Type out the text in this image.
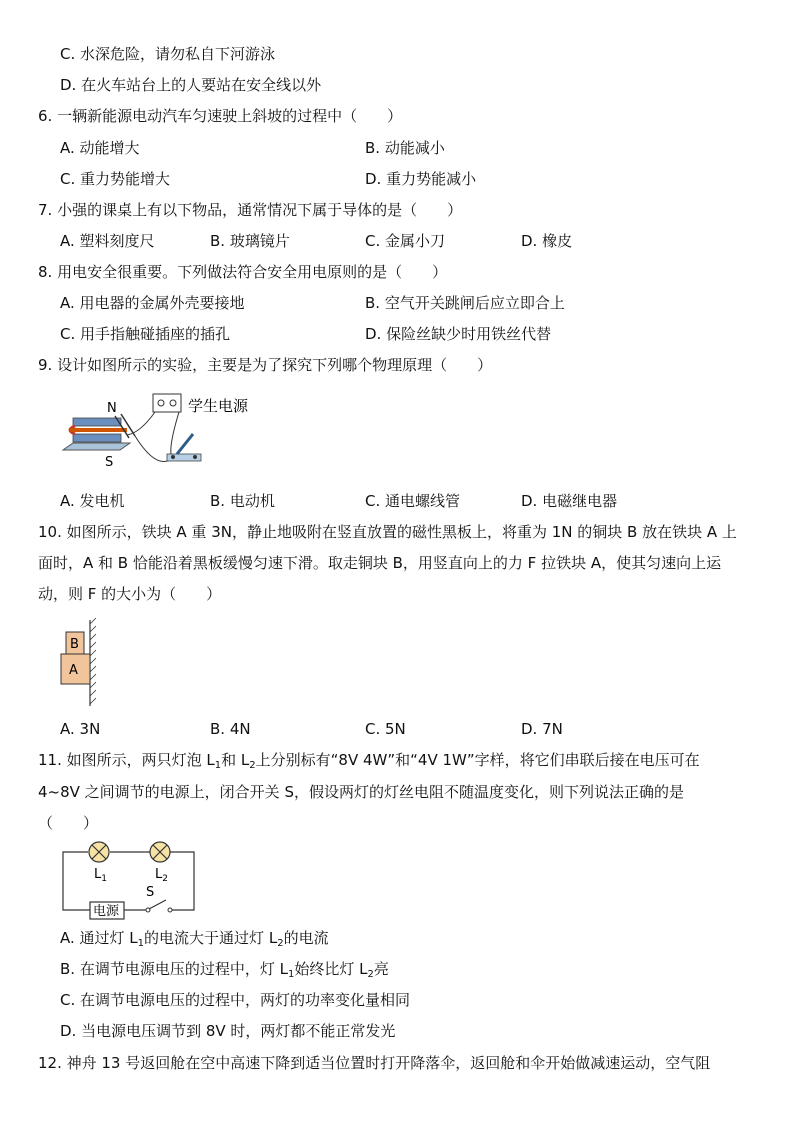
C. 水深危险，请勿私自下河游泳
D. 在火车站台上的人要站在安全线以外
6. 一辆新能源电动汽车匀速驶上斜坡的过程中（　　）
A. 动能增大	B. 动能减小
C. 重力势能增大	D. 重力势能减小
7. 小强的课桌上有以下物品，通常情况下属于导体的是（　　）
A. 塑料刻度尺	B. 玻璃镜片	C. 金属小刀	D. 橡皮
8. 用电安全很重要。下列做法符合安全用电原则的是（　　）
A. 用电器的金属外壳要接地	B. 空气开关跳闸后应立即合上
C. 用手指触碰插座的插孔	D. 保险丝缺少时用铁丝代替
9. 设计如图所示的实验，主要是为了探究下列哪个物理原理（　　）
N
S
学生电源
A. 发电机	B. 电动机	C. 通电螺线管	D. 电磁继电器
10. 如图所示，铁块 A 重 3N，静止地吸附在竖直放置的磁性黑板上，将重为 1N 的铜块 B 放在铁块 A 上
面时，A 和 B 恰能沿着黑板缓慢匀速下滑。取走铜块 B，用竖直向上的力 F 拉铁块 A，使其匀速向上运
动，则 F 的大小为（　　）
B
A
A. 3N	B. 4N	C. 5N	D. 7N
11. 如图所示，两只灯泡 $L_1$和 $L_2$上分别标有“8V 4W”和“4V 1W”字样，将它们串联后接在电压可在
4~8V 之间调节的电源上，闭合开关 S，假设两灯的灯丝电阻不随温度变化，则下列说法正确的是
（　　）
$L_1$	$L_2$
电源
S
A. 通过灯 $L_1$的电流大于通过灯 $L_2$的电流
B. 在调节电源电压的过程中，灯 $L_1$始终比灯 $L_2$亮
C. 在调节电源电压的过程中，两灯的功率变化量相同
D. 当电源电压调节到 8V 时，两灯都不能正常发光
12. 神舟 13 号返回舱在空中高速下降到适当位置时打开降落伞，返回舱和伞开始做减速运动，空气阻
